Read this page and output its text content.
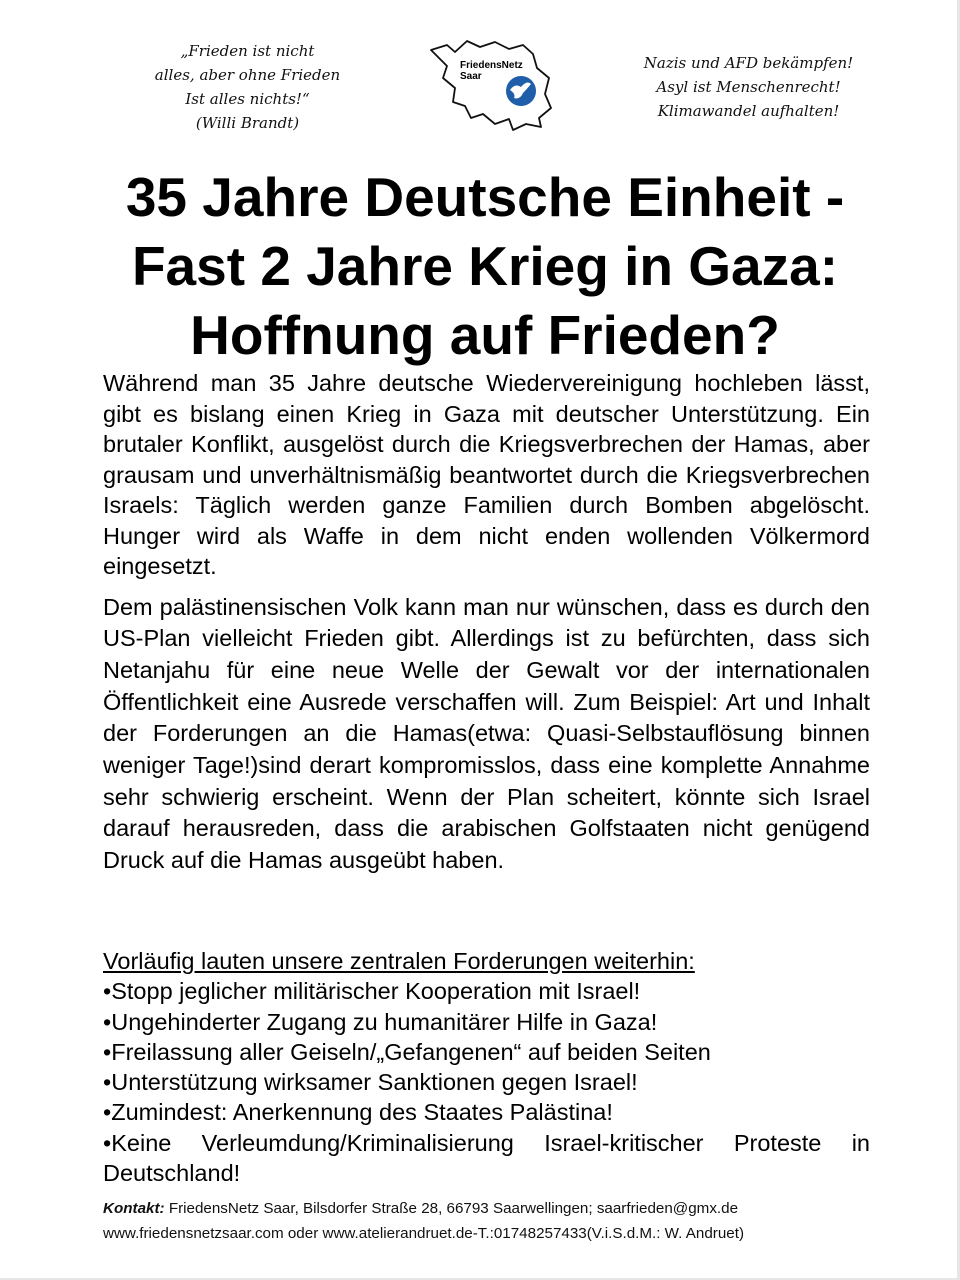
„Frieden ist nicht
alles, aber ohne Frieden
Ist alles nichts!“
(Willi Brandt)
FriedensNetz
Saar
Nazis und AFD bekämpfen!
Asyl ist Menschenrecht!
Klimawandel aufhalten!
35 Jahre Deutsche Einheit -
Fast 2 Jahre Krieg in Gaza:
Hoffnung auf Frieden?

Während man 35 Jahre deutsche Wiedervereinigung hochleben lässt, gibt es bislang einen Krieg in Gaza mit deutscher Unterstützung. Ein brutaler Konflikt, ausgelöst durch die Kriegsverbrechen der Hamas, aber grausam und unverhältnismäßig beantwortet durch die Kriegsverbrechen Israels: Täglich werden ganze Familien durch Bomben abgelöscht. Hunger wird als Waffe in dem nicht enden wollenden Völkermord eingesetzt.

Dem palästinensischen Volk kann man nur wünschen, dass es durch den US-Plan vielleicht Frieden gibt. Allerdings ist zu befürchten, dass sich Netanjahu für eine neue Welle der Gewalt vor der internationalen Öffentlichkeit eine Ausrede verschaffen will. Zum Beispiel: Art und Inhalt der Forderungen an die Hamas(etwa: Quasi-Selbstauflösung binnen weniger Tage!)sind derart kompromisslos, dass eine komplette Annahme sehr schwierig erscheint. Wenn der Plan scheitert, könnte sich Israel darauf herausreden, dass die arabischen Golfstaaten nicht genügend Druck auf die Hamas ausgeübt haben.

Vorläufig lauten unsere zentralen Forderungen weiterhin:
•Stopp jeglicher militärischer Kooperation mit Israel!
•Ungehinderter Zugang zu humanitärer Hilfe in Gaza!
•Freilassung aller Geiseln/„Gefangenen“ auf beiden Seiten
•Unterstützung wirksamer Sanktionen gegen Israel!
•Zumindest: Anerkennung des Staates Palästina!
•Keine Verleumdung/Kriminalisierung Israel-kritischer Proteste in Deutschland!
Kontakt: FriedensNetz Saar, Bilsdorfer Straße 28, 66793 Saarwellingen; saarfrieden@gmx.de
www.friedensnetzsaar.com oder www.atelierandruet.de-T.:01748257433(V.i.S.d.M.: W. Andruet)
